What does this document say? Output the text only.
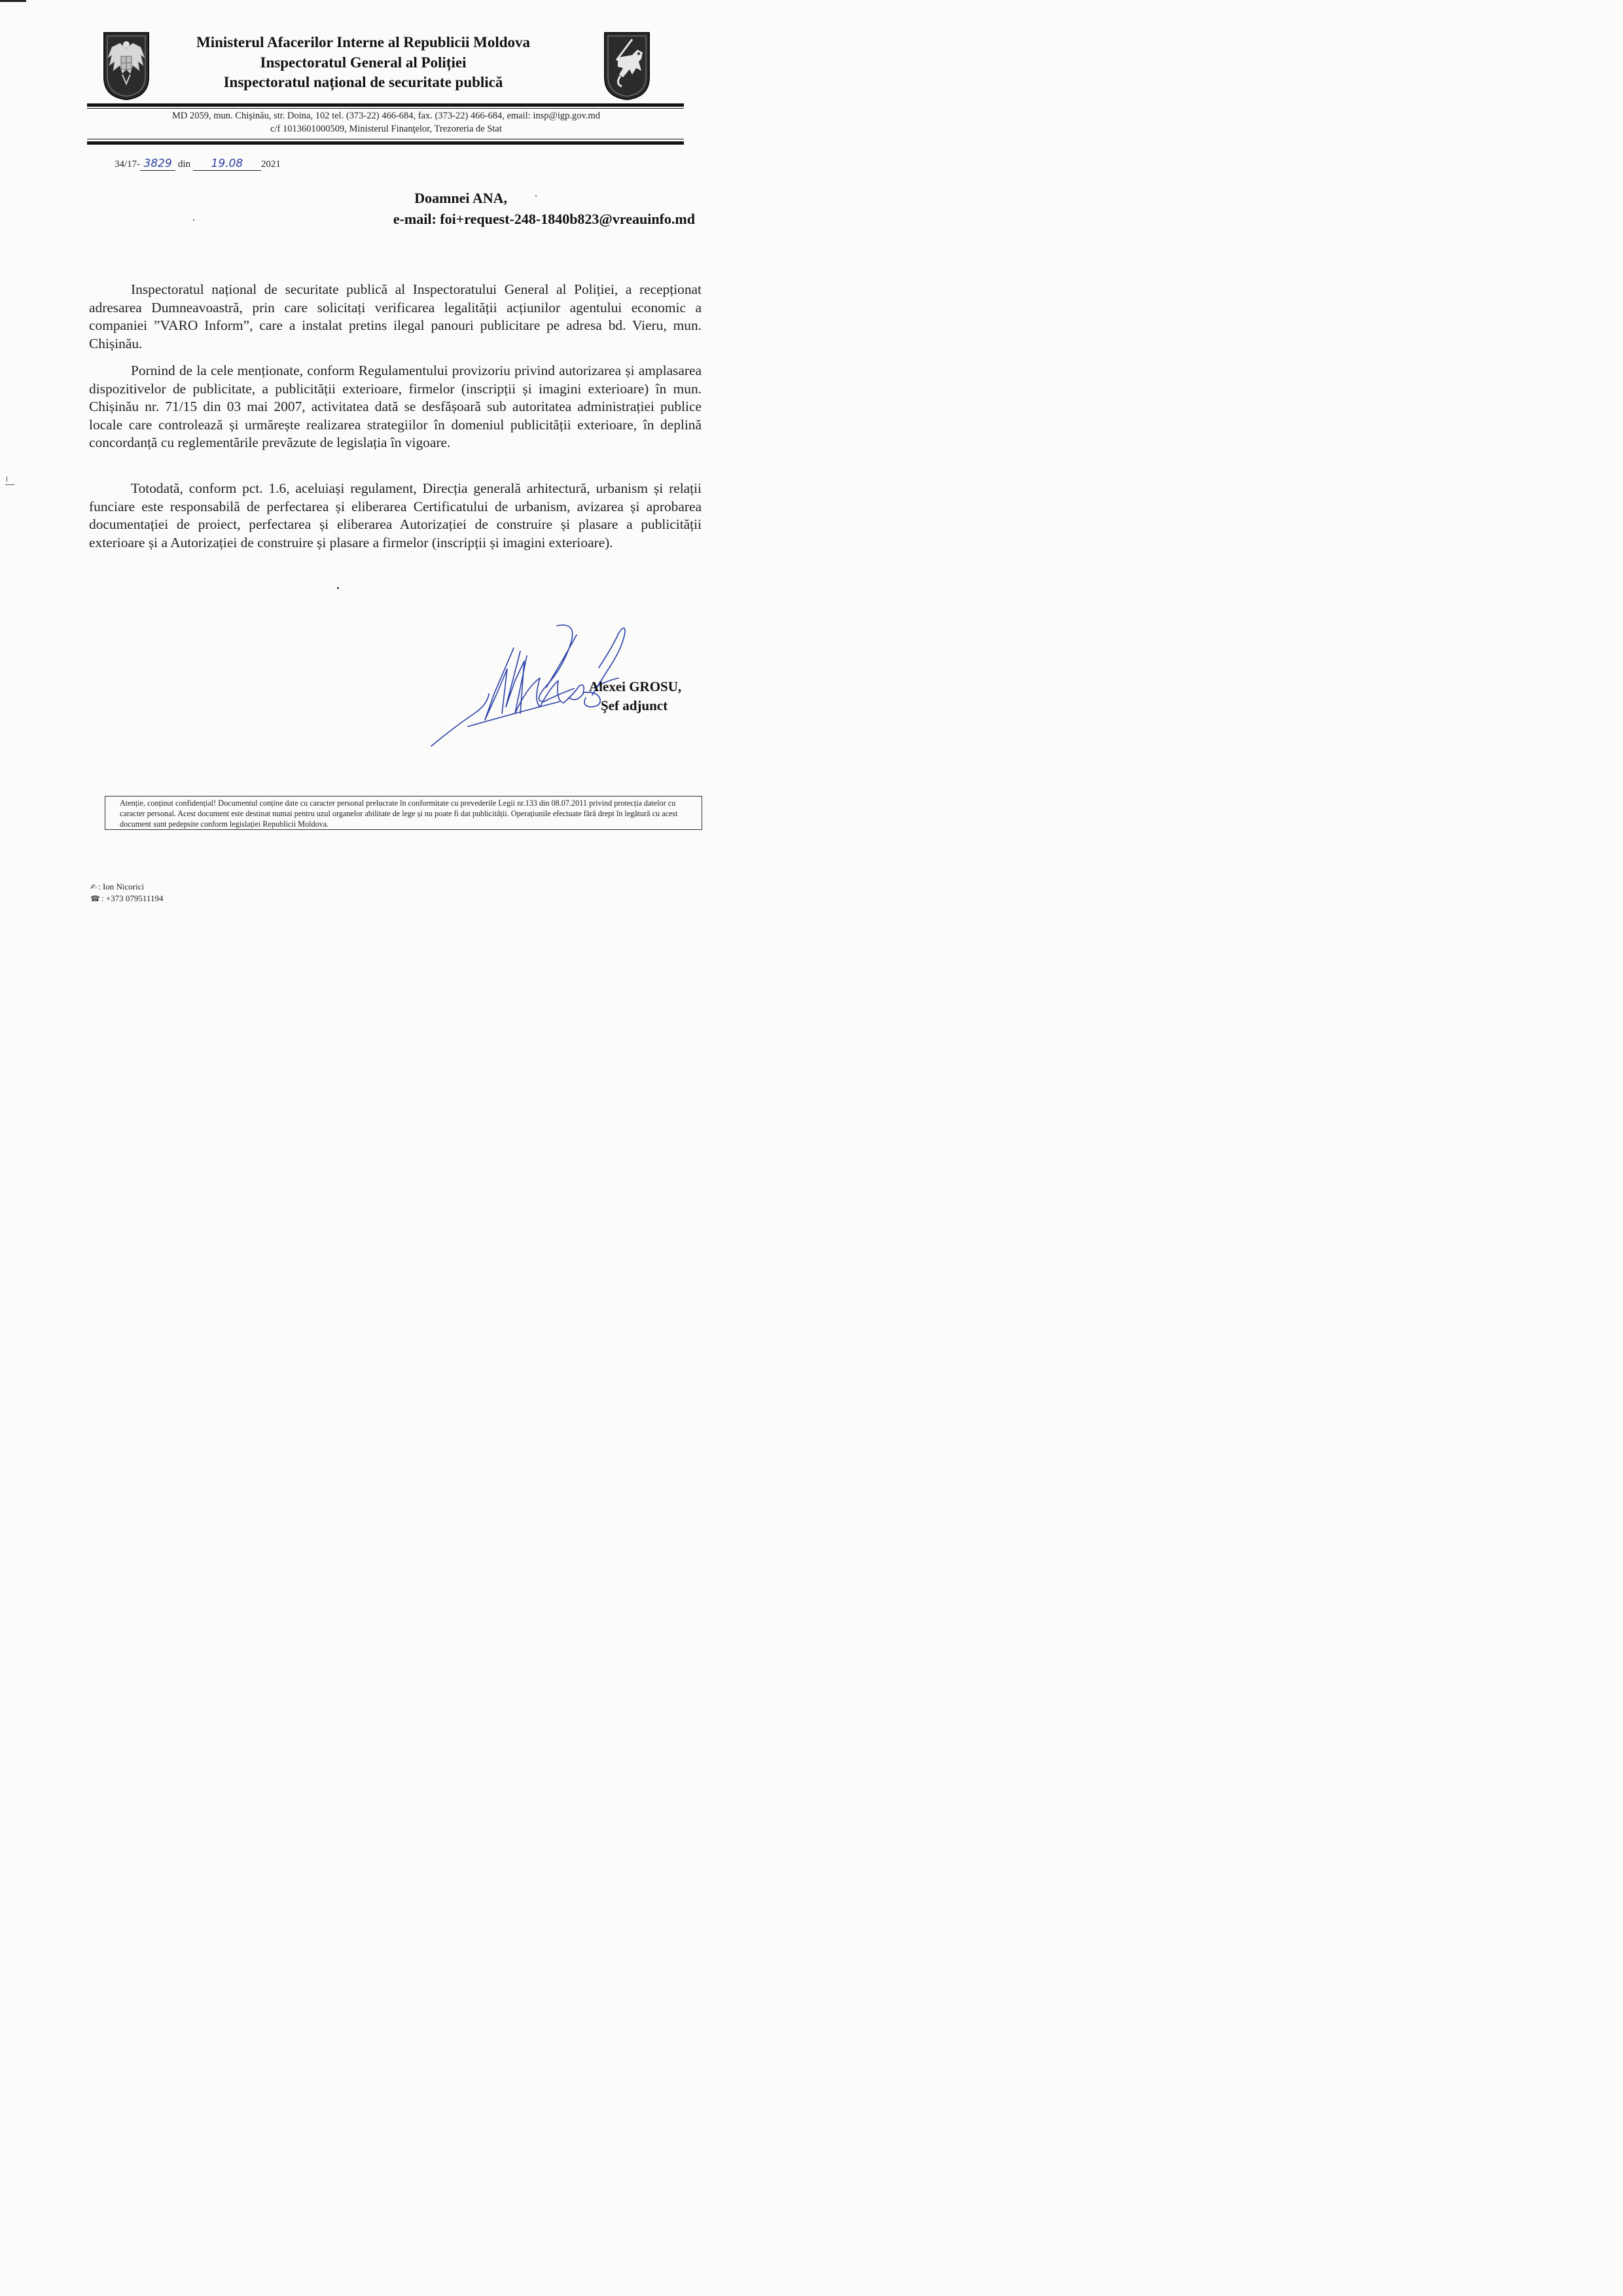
Ministerul Afacerilor Interne al Republicii Moldova
Inspectoratul General al Poliției
Inspectoratul național de securitate publică
MD 2059, mun. Chişinău, str. Doina, 102 tel. (373-22) 466-684, fax. (373-22) 466-684, email: insp@igp.gov.md
c/f 1013601000509, Ministerul Finanţelor, Trezoreria de Stat
34/17- 3829 din 19.08 2021
Doamnei ANA,
e-mail: foi+request-248-1840b823@vreauinfo.md

Inspectoratul național de securitate publică al Inspectoratului General al Poliției, a recepționat adresarea Dumneavoastră, prin care solicitați verificarea legalității acțiunilor agentului economic a companiei ”VARO Inform”, care a instalat pretins ilegal panouri publicitare pe adresa bd. Vieru, mun. Chișinău.

Pornind de la cele menționate, conform Regulamentului provizoriu privind autorizarea și amplasarea dispozitivelor de publicitate, a publicității exterioare, firmelor (inscripții și imagini exterioare) în mun. Chișinău nr. 71/15 din 03 mai 2007, activitatea dată se desfășoară sub autoritatea administrației publice locale care controlează și urmărește realizarea strategiilor în domeniul publicității exterioare, în deplină concordanță cu reglementările prevăzute de legislația în vigoare.

Totodată, conform pct. 1.6, aceluiași regulament, Direcția generală arhitectură, urbanism și relații funciare este responsabilă de perfectarea și eliberarea Certificatului de urbanism, avizarea și aprobarea documentației de proiect, perfectarea și eliberarea Autorizației de construire și plasare a publicității exterioare și a Autorizației de construire și plasare a firmelor (inscripții și imagini exterioare).

Alexei GROSU,
Şef adjunct
Atenție, conținut confidențial! Documentul conține date cu caracter personal prelucrate în conformitate cu prevederile Legii nr.133 din 08.07.2011 privind protecția datelor cu caracter personal. Acest document este destinat numai pentru uzul organelor abilitate de lege și nu poate fi dat publicității. Operațiunile efectuate fără drept în legătură cu acest document sunt pedepsite conform legislației Republicii Moldova.
✍ : Ion Nicorici
☎ : +373 079511194
